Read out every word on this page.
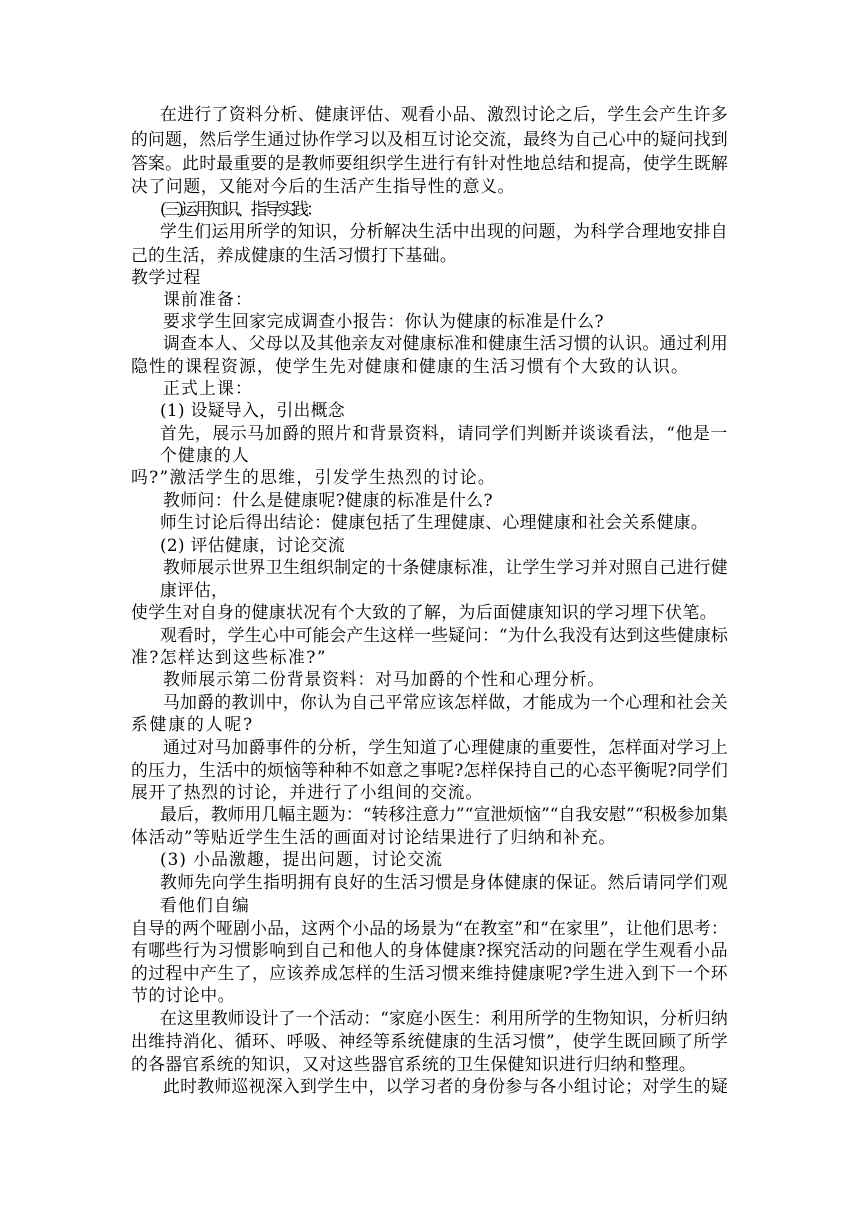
在进行了资料分析、健康评估、观看小品、激烈讨论之后，学生会产生许多
的问题，然后学生通过协作学习以及相互讨论交流，最终为自己心中的疑问找到
答案。此时最重要的是教师要组织学生进行有针对性地总结和提高，使学生既解
决了问题，又能对今后的生活产生指导性的意义。
(三)运用知识、指导实践：
学生们运用所学的知识，分析解决生活中出现的问题，为科学合理地安排自
己的生活，养成健康的生活习惯打下基础。
教学过程
课前准备：
要求学生回家完成调查小报告：你认为健康的标准是什么?
调查本人、父母以及其他亲友对健康标准和健康生活习惯的认识。通过利用
隐性的课程资源，使学生先对健康和健康的生活习惯有个大致的认识。
正式上课：
(1) 设疑导入，引出概念
首先，展示马加爵的照片和背景资料，请同学们判断并谈谈看法，“他是一
个健康的人
吗?”激活学生的思维，引发学生热烈的讨论。
教师问：什么是健康呢?健康的标准是什么?
师生讨论后得出结论：健康包括了生理健康、心理健康和社会关系健康。
(2) 评估健康，讨论交流
教师展示世界卫生组织制定的十条健康标准，让学生学习并对照自己进行健
康评估，
使学生对自身的健康状况有个大致的了解，为后面健康知识的学习埋下伏笔。
观看时，学生心中可能会产生这样一些疑问：“为什么我没有达到这些健康标
准?怎样达到这些标准?”
教师展示第二份背景资料：对马加爵的个性和心理分析。
马加爵的教训中，你认为自己平常应该怎样做，才能成为一个心理和社会关
系健康的人呢?
通过对马加爵事件的分析，学生知道了心理健康的重要性，怎样面对学习上
的压力，生活中的烦恼等种种不如意之事呢?怎样保持自己的心态平衡呢?同学们
展开了热烈的讨论，并进行了小组间的交流。
最后，教师用几幅主题为：“转移注意力”“宣泄烦恼”“自我安慰”“积极参加集
体活动”等贴近学生生活的画面对讨论结果进行了归纳和补充。
(3) 小品激趣，提出问题，讨论交流
教师先向学生指明拥有良好的生活习惯是身体健康的保证。然后请同学们观
看他们自编
自导的两个哑剧小品，这两个小品的场景为“在教室”和“在家里”，让他们思考：
有哪些行为习惯影响到自己和他人的身体健康?探究活动的问题在学生观看小品
的过程中产生了，应该养成怎样的生活习惯来维持健康呢?学生进入到下一个环
节的讨论中。
在这里教师设计了一个活动：“家庭小医生：利用所学的生物知识，分析归纳
出维持消化、循环、呼吸、神经等系统健康的生活习惯”，使学生既回顾了所学
的各器官系统的知识，又对这些器官系统的卫生保健知识进行归纳和整理。
此时教师巡视深入到学生中，以学习者的身份参与各小组讨论；对学生的疑
